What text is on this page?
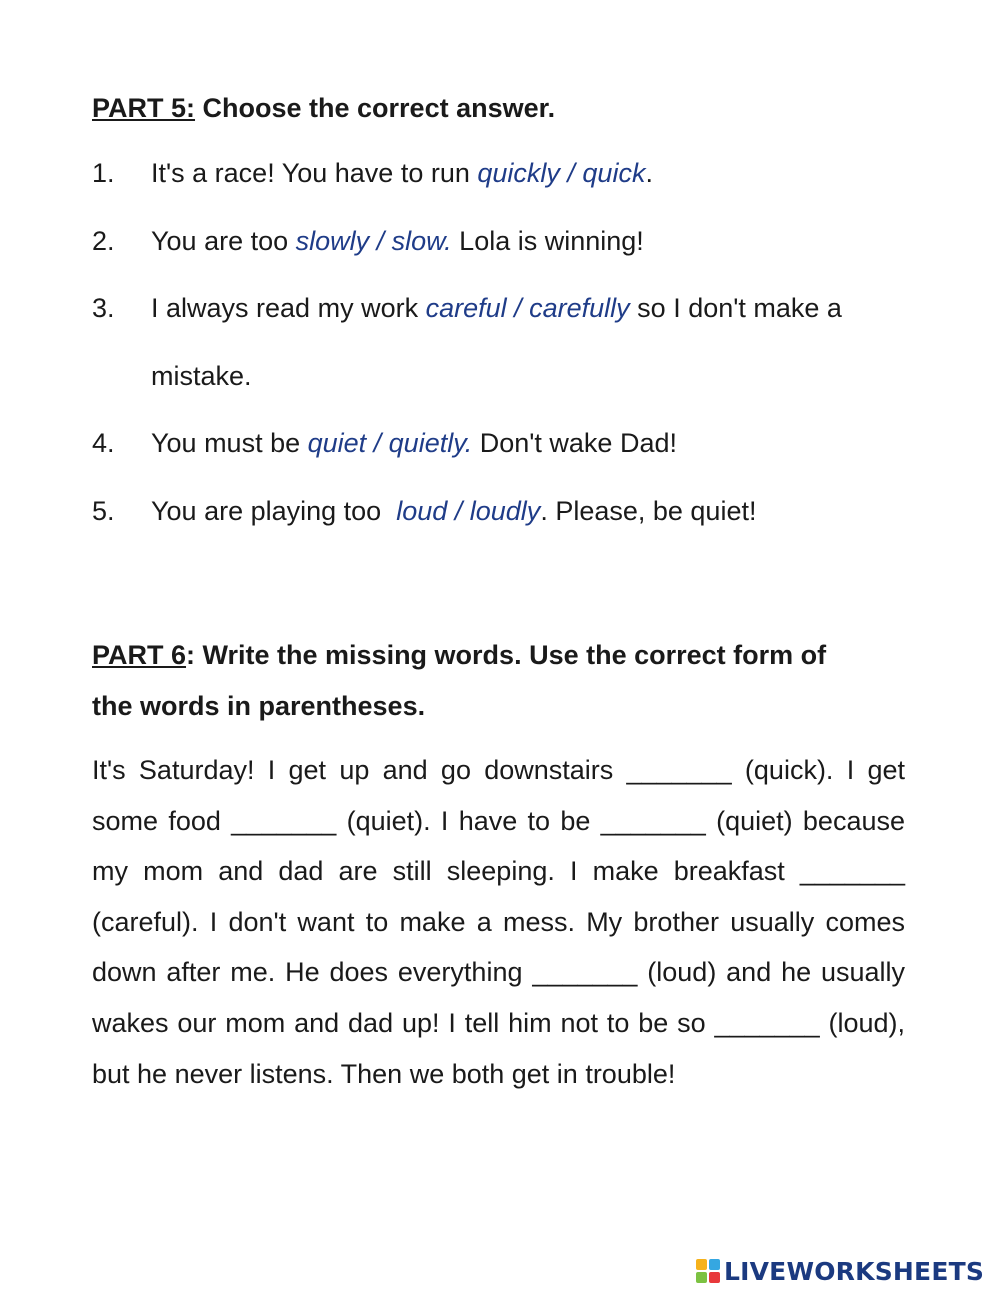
PART 5: Choose the correct answer.
1. It's a race! You have to run quickly / quick.
2. You are too slowly / slow. Lola is winning!
3. I always read my work careful / carefully so I don't make a
mistake.
4. You must be quiet / quietly. Don't wake Dad!
5. You are playing too  loud / loudly. Please, be quiet!
PART 6: Write the missing words. Use the correct form of
the words in parentheses.

It's Saturday! I get up and go downstairs _______ (quick). I get some food _______ (quiet). I have to be _______ (quiet) because my mom and dad are still sleeping. I make breakfast _______ (careful). I don't want to make a mess. My brother usually comes down after me. He does everything _______ (loud) and he usually wakes our mom and dad up! I tell him not to be so _______ (loud), but he never listens. Then we both get in trouble!

LIVEWORKSHEETS
